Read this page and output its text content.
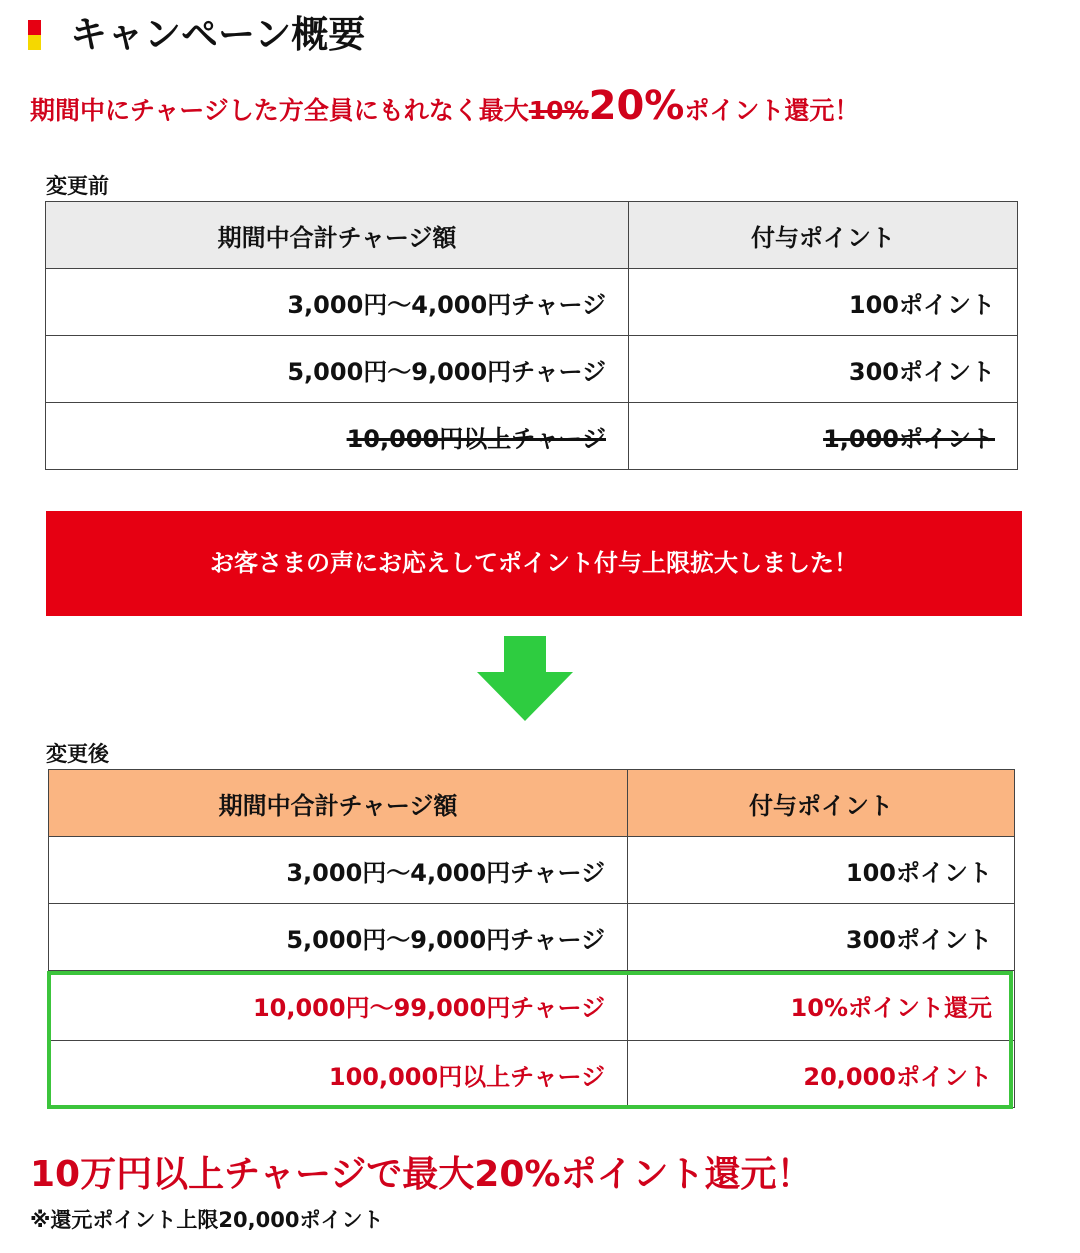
キャンペーン概要
期間中にチャージした方全員にもれなく最大10%20%ポイント還元！
変更前
期間中合計チャージ額	付与ポイント
3,000円～4,000円チャージ	100ポイント
5,000円～9,000円チャージ	300ポイント
10,000円以上チャージ	1,000ポイント
お客さまの声にお応えしてポイント付与上限拡大しました！
変更後
期間中合計チャージ額	付与ポイント
3,000円～4,000円チャージ	100ポイント
5,000円～9,000円チャージ	300ポイント
10,000円～99,000円チャージ	10%ポイント還元
100,000円以上チャージ	20,000ポイント
10万円以上チャージで最大20%ポイント還元！
※還元ポイント上限20,000ポイント
